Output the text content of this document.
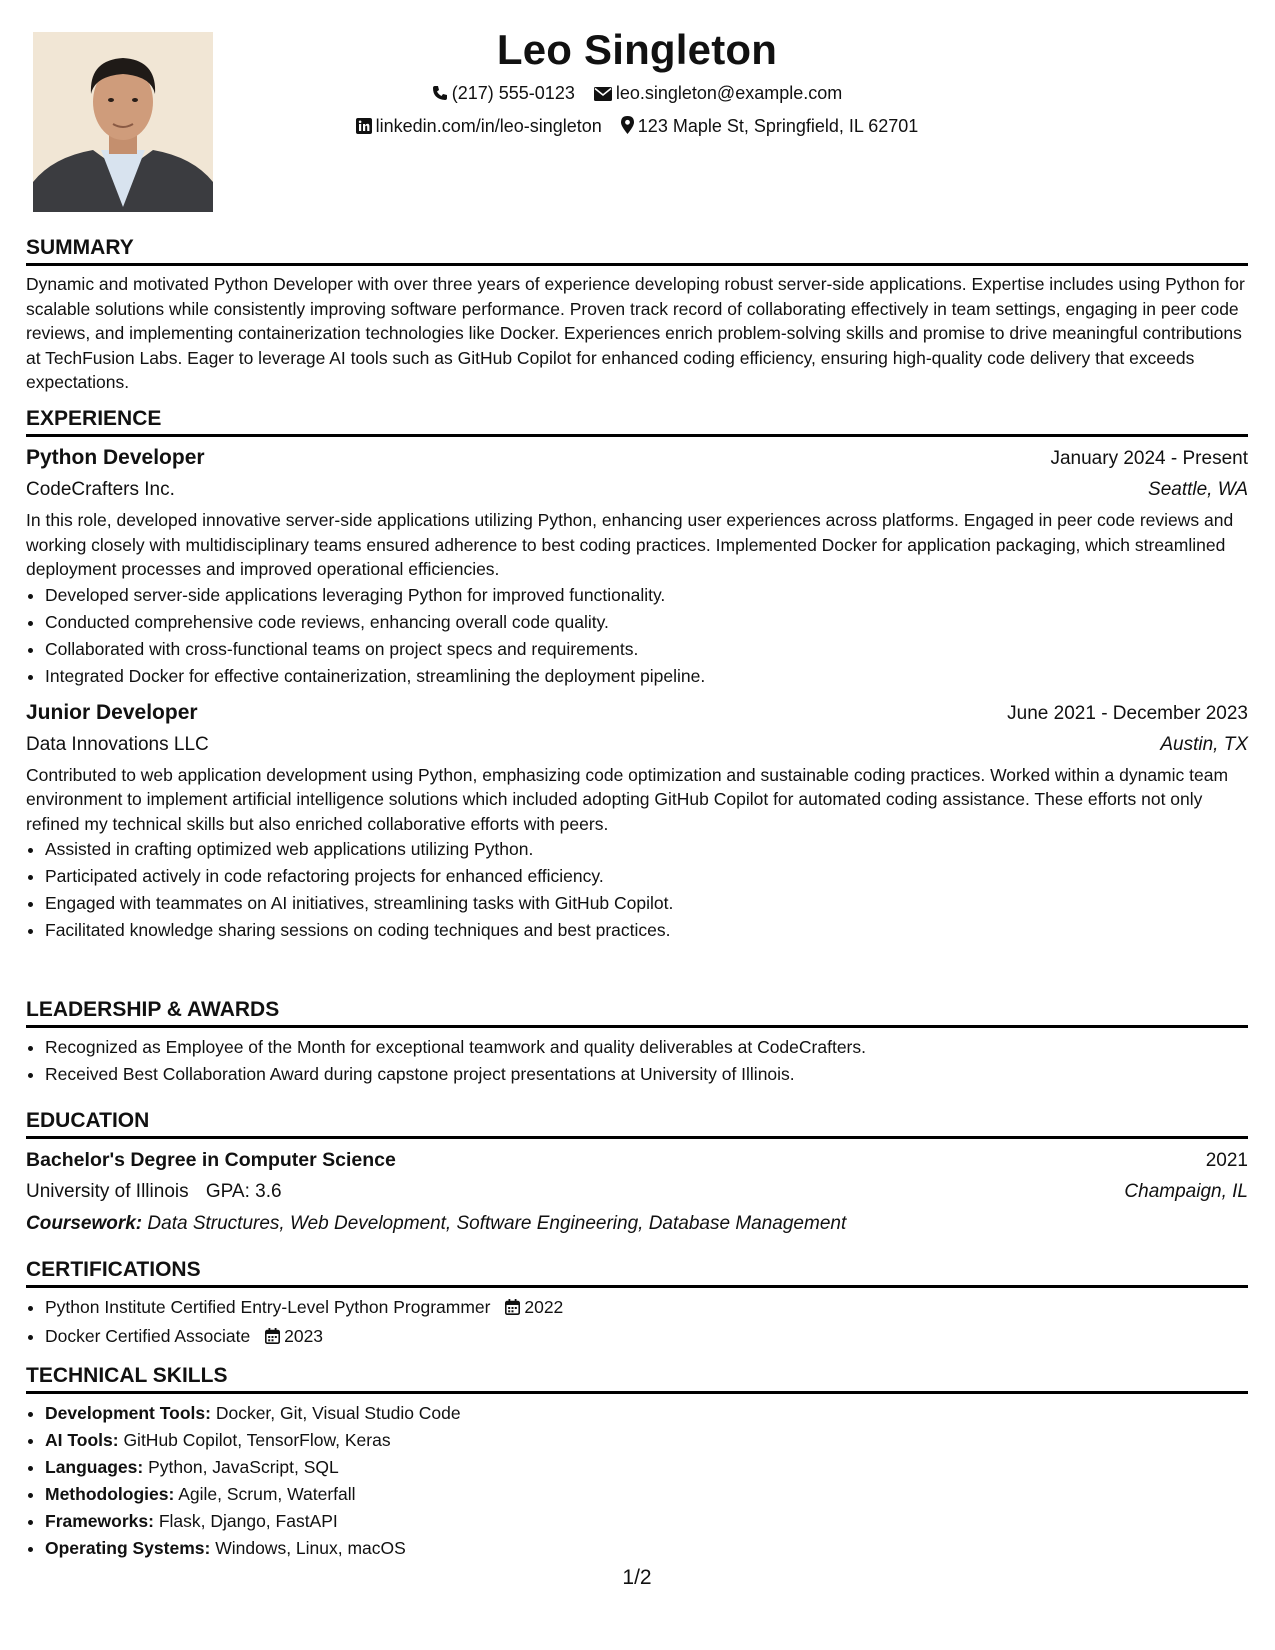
Leo Singleton
(217) 555-0123 leo.singleton@example.com
linkedin.com/in/leo-singleton 123 Maple St, Springfield, IL 62701
SUMMARY

Dynamic and motivated Python Developer with over three years of experience developing robust server-side applications. Expertise includes using Python for scalable solutions while consistently improving software performance. Proven track record of collaborating effectively in team settings, engaging in peer code reviews, and implementing containerization technologies like Docker. Experiences enrich problem-solving skills and promise to drive meaningful contributions at TechFusion Labs. Eager to leverage AI tools such as GitHub Copilot for enhanced coding efficiency, ensuring high-quality code delivery that exceeds expectations.

EXPERIENCE
Python Developer	January 2024 - Present
CodeCrafters Inc.	Seattle, WA

In this role, developed innovative server-side applications utilizing Python, enhancing user experiences across platforms. Engaged in peer code reviews and working closely with multidisciplinary teams ensured adherence to best coding practices. Implemented Docker for application packaging, which streamlined deployment processes and improved operational efficiencies.

• Developed server-side applications leveraging Python for improved functionality.
• Conducted comprehensive code reviews, enhancing overall code quality.
• Collaborated with cross-functional teams on project specs and requirements.
• Integrated Docker for effective containerization, streamlining the deployment pipeline.
Junior Developer	June 2021 - December 2023
Data Innovations LLC	Austin, TX

Contributed to web application development using Python, emphasizing code optimization and sustainable coding practices. Worked within a dynamic team environment to implement artificial intelligence solutions which included adopting GitHub Copilot for automated coding assistance. These efforts not only refined my technical skills but also enriched collaborative efforts with peers.

• Assisted in crafting optimized web applications utilizing Python.
• Participated actively in code refactoring projects for enhanced efficiency.
• Engaged with teammates on AI initiatives, streamlining tasks with GitHub Copilot.
• Facilitated knowledge sharing sessions on coding techniques and best practices.
LEADERSHIP & AWARDS
• Recognized as Employee of the Month for exceptional teamwork and quality deliverables at CodeCrafters.
• Received Best Collaboration Award during capstone project presentations at University of Illinois.
EDUCATION
Bachelor's Degree in Computer Science	2021
University of Illinois GPA: 3.6	Champaign, IL
Coursework: Data Structures, Web Development, Software Engineering, Database Management
CERTIFICATIONS
• Python Institute Certified Entry-Level Python Programmer 2022
• Docker Certified Associate 2023
TECHNICAL SKILLS
• Development Tools: Docker, Git, Visual Studio Code
• AI Tools: GitHub Copilot, TensorFlow, Keras
• Languages: Python, JavaScript, SQL
• Methodologies: Agile, Scrum, Waterfall
• Frameworks: Flask, Django, FastAPI
• Operating Systems: Windows, Linux, macOS
1/2
